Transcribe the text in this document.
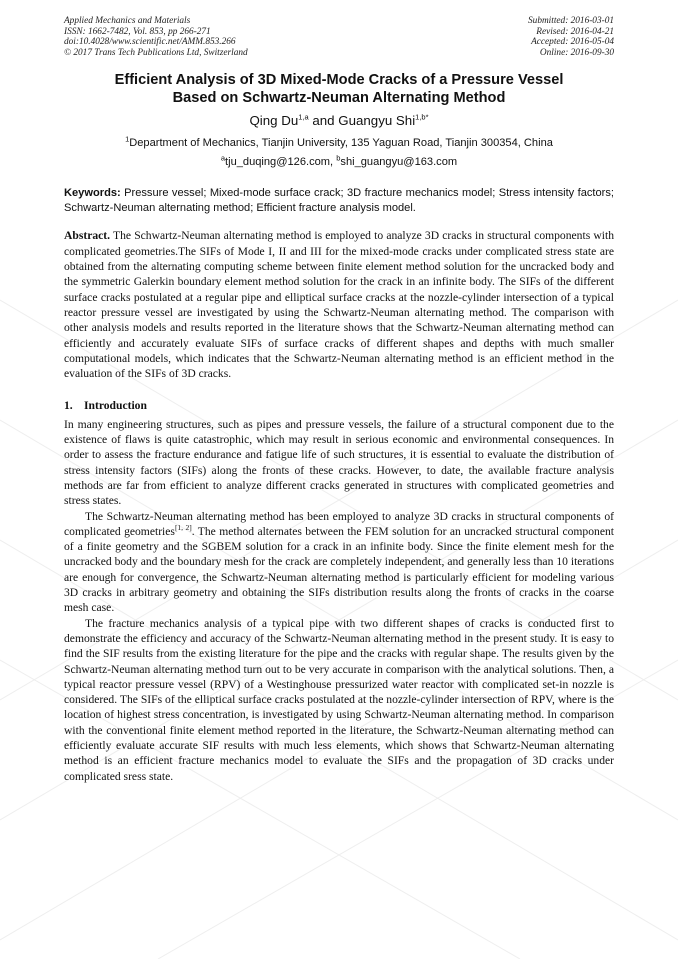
Applied Mechanics and Materials
ISSN: 1662-7482, Vol. 853, pp 266-271
doi:10.4028/www.scientific.net/AMM.853.266
© 2017 Trans Tech Publications Ltd, Switzerland
Submitted: 2016-03-01
Revised: 2016-04-21
Accepted: 2016-05-04
Online: 2016-09-30
Efficient Analysis of 3D Mixed-Mode Cracks of a Pressure Vessel
Based on Schwartz-Neuman Alternating Method
Qing Du$^{1,a}$ and Guangyu Shi$^{1,b*}$
$^1$Department of Mechanics, Tianjin University, 135 Yaguan Road, Tianjin 300354, China
$^a$tju_duqing@126.com, $^b$shi_guangyu@163.com
Keywords: Pressure vessel; Mixed-mode surface crack; 3D fracture mechanics model; Stress intensity factors; Schwartz-Neuman alternating method; Efficient fracture analysis model.
Abstract. The Schwartz-Neuman alternating method is employed to analyze 3D cracks in structural components with complicated geometries.The SIFs of Mode I, II and III for the mixed-mode cracks under complicated stress state are obtained from the alternating computing scheme between finite element method solution for the uncracked body and the symmetric Galerkin boundary element method solution for the crack in an infinite body. The SIFs of the different surface cracks postulated at a regular pipe and elliptical surface cracks at the nozzle-cylinder intersection of a typical reactor pressure vessel are investigated by using the Schwartz-Neuman alternating method. The comparison with other analysis models and results reported in the literature shows that the Schwartz-Neuman alternating method can efficiently and accurately evaluate SIFs of surface cracks of different shapes and depths with much smaller computational models, which indicates that the Schwartz-Neuman alternating method is an efficient method in the evaluation of the SIFs of 3D cracks.
1. Introduction

In many engineering structures, such as pipes and pressure vessels, the failure of a structural component due to the existence of flaws is quite catastrophic, which may result in serious economic and environmental consequences. In order to assess the fracture endurance and fatigue life of such structures, it is essential to evaluate the distribution of stress intensity factors (SIFs) along the fronts of these cracks. However, to date, the available fracture analysis methods are far from efficient to analyze different cracks generated in structures with complicated geometries and stress states.

The Schwartz-Neuman alternating method has been employed to analyze 3D cracks in structural components of complicated geometries[1, 2]. The method alternates between the FEM solution for an uncracked structural component of a finite geometry and the SGBEM solution for a crack in an infinite body. Since the finite element mesh for the uncracked body and the boundary mesh for the crack are completely independent, and generally less than 10 iterations are enough for convergence, the Schwartz-Neuman alternating method is particularly efficient for modeling various 3D cracks in arbitrary geometry and obtaining the SIFs distribution results along the fronts of cracks in the coarse mesh case.

The fracture mechanics analysis of a typical pipe with two different shapes of cracks is conducted first to demonstrate the efficiency and accuracy of the Schwartz-Neuman alternating method in the present study. It is easy to find the SIF results from the existing literature for the pipe and the cracks with regular shape. The results given by the Schwartz-Neuman alternating method turn out to be very accurate in comparison with the analytical solutions. Then, a typical reactor pressure vessel (RPV) of a Westinghouse pressurized water reactor with complicated set-in nozzle is considered. The SIFs of the elliptical surface cracks postulated at the nozzle-cylinder intersection of RPV, where is the location of highest stress concentration, is investigated by using Schwartz-Neuman alternating method. In comparison with the conventional finite element method reported in the literature, the Schwartz-Neuman alternating method can efficiently evaluate accurate SIF results with much less elements, which shows that Schwartz-Neuman alternating method is an efficient fracture mechanics model to evaluate the SIFs and the propagation of 3D cracks under complicated sress state.
